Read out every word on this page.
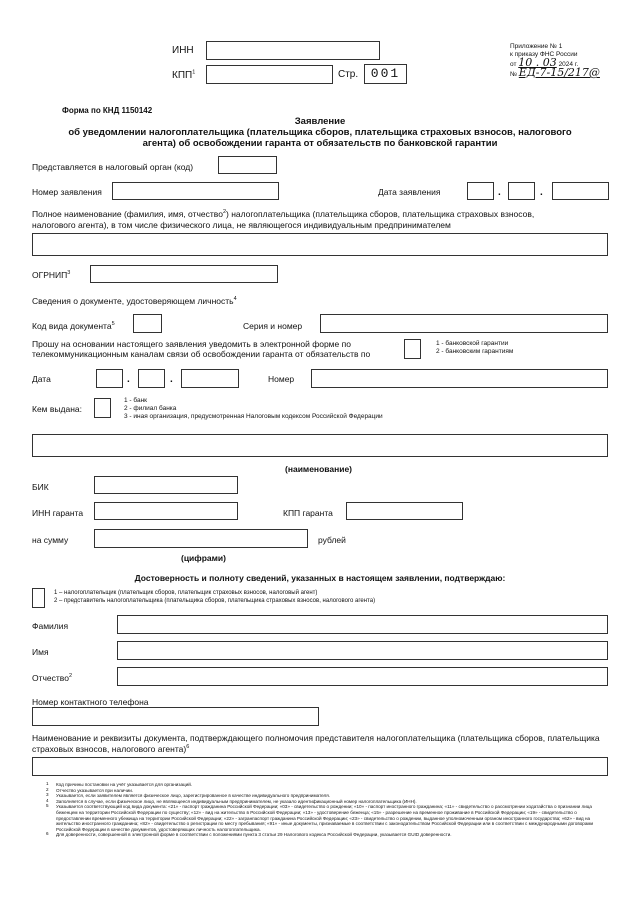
ИНН
КПП$^1$	Стр. 001
Приложение № 1
к приказу ФНС России
от 10 . 03 2024 г.
№ ЕД-7-15/217@
Форма по КНД 1150142
Заявление
об уведомлении налогоплательщика (плательщика сборов, плательщика страховых взносов, налогового
агента) об освобождении гаранта от обязательств по банковской гарантии
Представляется в налоговый орган (код)
Номер заявления	Дата заявления	.	.
Полное наименование (фамилия, имя, отчество$^2$) налогоплательщика (плательщика сборов, плательщика страховых взносов,
налогового агента), в том числе физического лица, не являющегося индивидуальным предпринимателем
ОГРНИП$^3$
Сведения о документе, удостоверяющем личность$^4$
Код вида документа$^5$	Серия и номер
Прошу на основании настоящего заявления уведомить в электронной форме по
телекоммуникационным каналам связи об освобождении гаранта от обязательств по
1 - банковской гарантии
2 - банковским гарантиям
Дата	.	.	Номер
Кем выдана:
1 - банк
2 - филиал банка
3 - иная организация, предусмотренная Налоговым кодексом Российской Федерации
(наименование)
БИК
ИНН гаранта	КПП гаранта
на сумму	рублей
(цифрами)
Достоверность и полноту сведений, указанных в настоящем заявлении, подтверждаю:
1 – налогоплательщик (плательщик сборов, плательщик страховых взносов, налоговый агент)
2 – представитель налогоплательщика (плательщика сборов, плательщика страховых взносов, налогового агента)
Фамилия
Имя
Отчество$^2$
Номер контактного телефона
Наименование и реквизиты документа, подтверждающего полномочия представителя налогоплательщика (плательщика сборов, плательщика
страховых взносов, налогового агента)$^6$
1 Код причины постановки на учёт указывается для организаций.
2 Отчество указывается при наличии.
3 Указывается, если заявителем является физическое лицо, зарегистрированное в качестве индивидуального предпринимателя.
4 Заполняется в случае, если физическое лицо, не являющееся индивидуальным предпринимателем, не указало идентификационный номер налогоплательщика (ИНН).
5 Указывается соответствующий код вида документа: «21» - паспорт гражданина Российской Федерации; «03» - свидетельство о рождении; «10» - паспорт иностранного гражданина; «11» - свидетельство о рассмотрении ходатайства о признании лица беженцем на территории Российской Федерации по существу; «12» - вид на жительство в Российской Федерации; «13» - удостоверение беженца; «15» - разрешение на временное проживание в Российской Федерации; «19» - свидетельство о предоставлении временного убежища на территории Российской Федерации; «22» - загранпаспорт гражданина Российской Федерации; «23» - свидетельство о рождении, выданное уполномоченным органом иностранного государства; «62» - вид на жительство иностранного гражданина; «82» - свидетельство о регистрации по месту пребывания; «91» - иные документы, признаваемые в соответствии с законодательством Российской Федерации или в соответствии с международными договорами Российской Федерации в качестве документов, удостоверяющих личность налогоплательщика.
6 Для доверенности, совершенной в электронной форме в соответствии с положениями пункта 3 статьи 29 Налогового кодекса Российской Федерации, указывается GUID доверенности.
